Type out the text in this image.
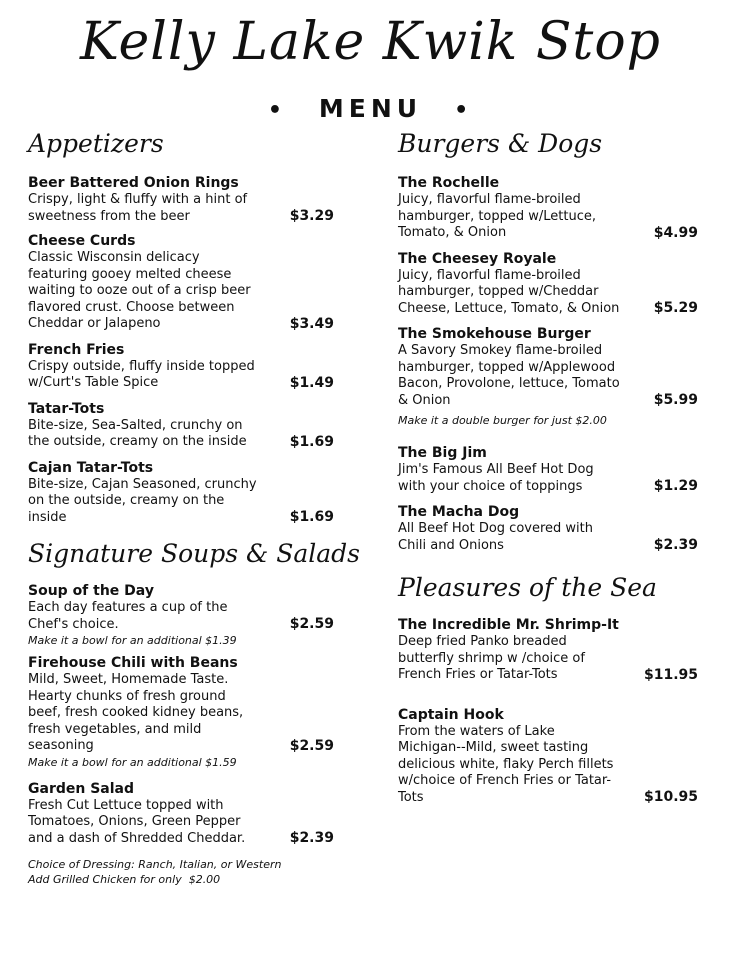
Kelly Lake Kwik Stop
• MENU •
Appetizers
Beer Battered Onion Rings
Crispy, light & fluffy with a hint of sweetness from the beer	$3.29
Cheese Curds
Classic Wisconsin delicacy featuring gooey melted cheese waiting to ooze out of a crisp beer flavored crust. Choose between Cheddar or Jalapeno	$3.49
French Fries
Crispy outside, fluffy inside topped w/Curt's Table Spice	$1.49
Tatar-Tots
Bite-size, Sea-Salted, crunchy on the outside, creamy on the inside	$1.69
Cajan Tatar-Tots
Bite-size, Cajan Seasoned, crunchy on the outside, creamy on the inside	$1.69
Signature Soups & Salads
Soup of the Day
Each day features a cup of the Chef's choice.	$2.59
Make it a bowl for an additional $1.39
Firehouse Chili with Beans
Mild, Sweet, Homemade Taste. Hearty chunks of fresh ground beef, fresh cooked kidney beans, fresh vegetables, and mild seasoning	$2.59
Make it a bowl for an additional $1.59
Garden Salad
Fresh Cut Lettuce topped with Tomatoes, Onions, Green Pepper and a dash of Shredded Cheddar.	$2.39
Choice of Dressing: Ranch, Italian, or Western
Add Grilled Chicken for only  $2.00
Burgers & Dogs
The Rochelle
Juicy, flavorful flame-broiled hamburger, topped w/Lettuce, Tomato, & Onion	$4.99
The Cheesey Royale
Juicy, flavorful flame-broiled hamburger, topped w/Cheddar Cheese, Lettuce, Tomato, & Onion	$5.29
The Smokehouse Burger
A Savory Smokey flame-broiled hamburger, topped w/Applewood Bacon, Provolone, lettuce, Tomato & Onion	$5.99
Make it a double burger for just $2.00
The Big Jim
Jim's Famous All Beef Hot Dog with your choice of toppings	$1.29
The Macha Dog
All Beef Hot Dog covered with Chili and Onions	$2.39
Pleasures of the Sea
The Incredible Mr. Shrimp-It
Deep fried Panko breaded butterfly shrimp w /choice of French Fries or Tatar-Tots	$11.95
Captain Hook
From the waters of Lake Michigan--Mild, sweet tasting delicious white, flaky Perch fillets w/choice of French Fries or Tatar-Tots	$10.95
